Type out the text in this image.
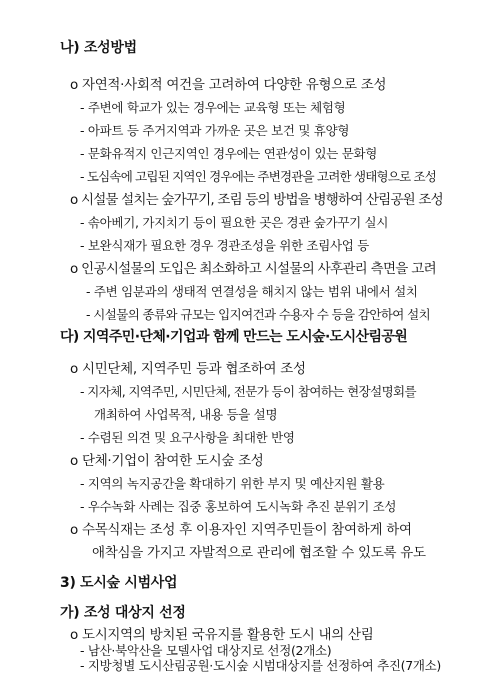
나) 조성방법
o 자연적·사회적 여건을 고려하여 다양한 유형으로 조성
- 주변에 학교가 있는 경우에는 교육형 또는 체험형
- 아파트 등 주거지역과 가까운 곳은 보건 및 휴양형
- 문화유적지 인근지역인 경우에는 연관성이 있는 문화형
- 도심속에 고립된 지역인 경우에는 주변경관을 고려한 생태형으로 조성
o 시설물 설치는 숲가꾸기, 조림 등의 방법을 병행하여 산림공원 조성
- 솎아베기, 가지치기 등이 필요한 곳은 경관 숲가꾸기 실시
- 보완식재가 필요한 경우 경관조성을 위한 조림사업 등
o 인공시설물의 도입은 최소화하고 시설물의 사후관리 측면을 고려
- 주변 임분과의 생태적 연결성을 해치지 않는 범위 내에서 설치
- 시설물의 종류와 규모는 입지여건과 수용자 수 등을 감안하여 설치
다) 지역주민·단체·기업과 함께 만드는 도시숲·도시산림공원
o 시민단체, 지역주민 등과 협조하여 조성
- 지자체, 지역주민, 시민단체, 전문가 등이 참여하는 현장설명회를
개최하여 사업목적, 내용 등을 설명
- 수렴된 의견 및 요구사항을 최대한 반영
o 단체·기업이 참여한 도시숲 조성
- 지역의 녹지공간을 확대하기 위한 부지 및 예산지원 활용
- 우수녹화 사례는 집중 홍보하여 도시녹화 추진 분위기 조성
o 수목식재는 조성 후 이용자인 지역주민들이 참여하게 하여
애착심을 가지고 자발적으로 관리에 협조할 수 있도록 유도
3) 도시숲 시범사업
가) 조성 대상지 선정
o 도시지역의 방치된 국유지를 활용한 도시 내의 산림
- 남산·북악산을 모델사업 대상지로 선정(2개소)
- 지방청별 도시산림공원·도시숲 시범대상지를 선정하여 추진(7개소)
